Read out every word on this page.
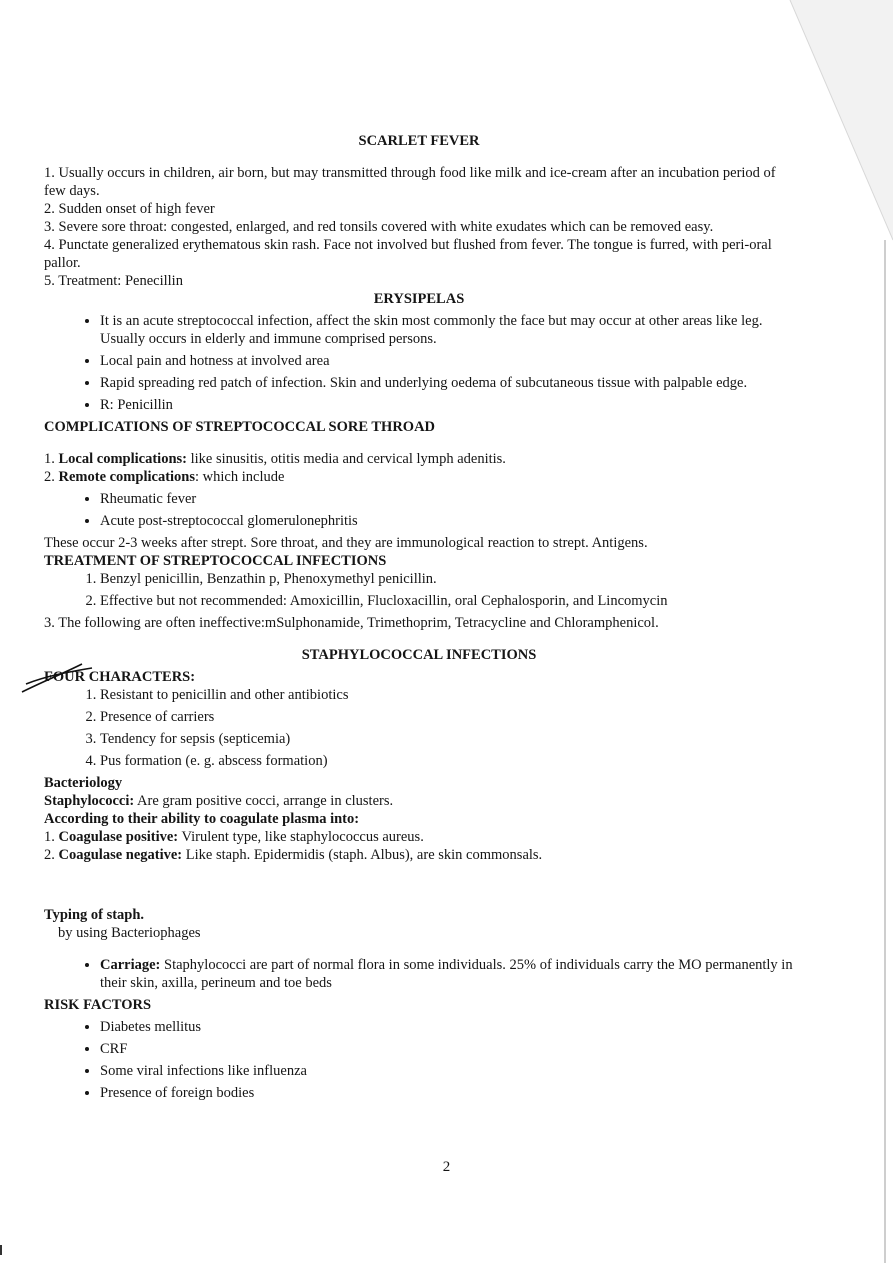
SCARLET FEVER

1. Usually occurs in children, air born, but may transmitted through food like milk and ice-cream after an incubation period of few days.

2. Sudden onset of high fever

3. Severe sore throat: congested, enlarged, and red tonsils covered with white exudates which can be removed easy.

4. Punctate generalized erythematous skin rash. Face not involved but flushed from fever. The tongue is furred, with peri-oral pallor.

5. Treatment: Penecillin

ERYSIPELAS

• It is an acute streptococcal infection, affect the skin most commonly the face but may occur at other areas like leg. Usually occurs in elderly and immune comprised persons.
• Local pain and hotness at involved area
• Rapid spreading red patch of infection. Skin and underlying oedema of subcutaneous tissue with palpable edge.
• R: Penicillin

COMPLICATIONS OF STREPTOCOCCAL SORE THROAD

1. Local complications: like sinusitis, otitis media and cervical lymph adenitis.

2. Remote complications: which include

• Rheumatic fever
• Acute post-streptococcal glomerulonephritis

These occur 2-3 weeks after strept. Sore throat, and they are immunological reaction to strept. Antigens.

TREATMENT OF STREPTOCOCCAL INFECTIONS

1. Benzyl penicillin, Benzathin p, Phenoxymethyl penicillin.
2. Effective but not recommended: Amoxicillin, Flucloxacillin, oral Cephalosporin, and Lincomycin

3. The following are often ineffective:mSulphonamide, Trimethoprim, Tetracycline and Chloramphenicol.

STAPHYLOCOCCAL INFECTIONS

FOUR
CHARACTERS:

1. Resistant to penicillin and other antibiotics
2. Presence of carriers
3. Tendency for sepsis (septicemia)
4. Pus formation (e. g. abscess formation)

Bacteriology

Staphylococci: Are gram positive cocci, arrange in clusters.

According to their ability to coagulate plasma into:

1. Coagulase positive: Virulent type, like staphylococcus aureus.

2. Coagulase negative: Like staph. Epidermidis (staph. Albus), are skin commonsals.

Typing of staph.

by using Bacteriophages

• Carriage: Staphylococci are part of normal flora in some individuals. 25% of individuals carry the MO permanently in their skin, axilla, perineum and toe beds

RISK FACTORS

• Diabetes mellitus
• CRF
• Some viral infections like influenza
• Presence of foreign bodies
2
